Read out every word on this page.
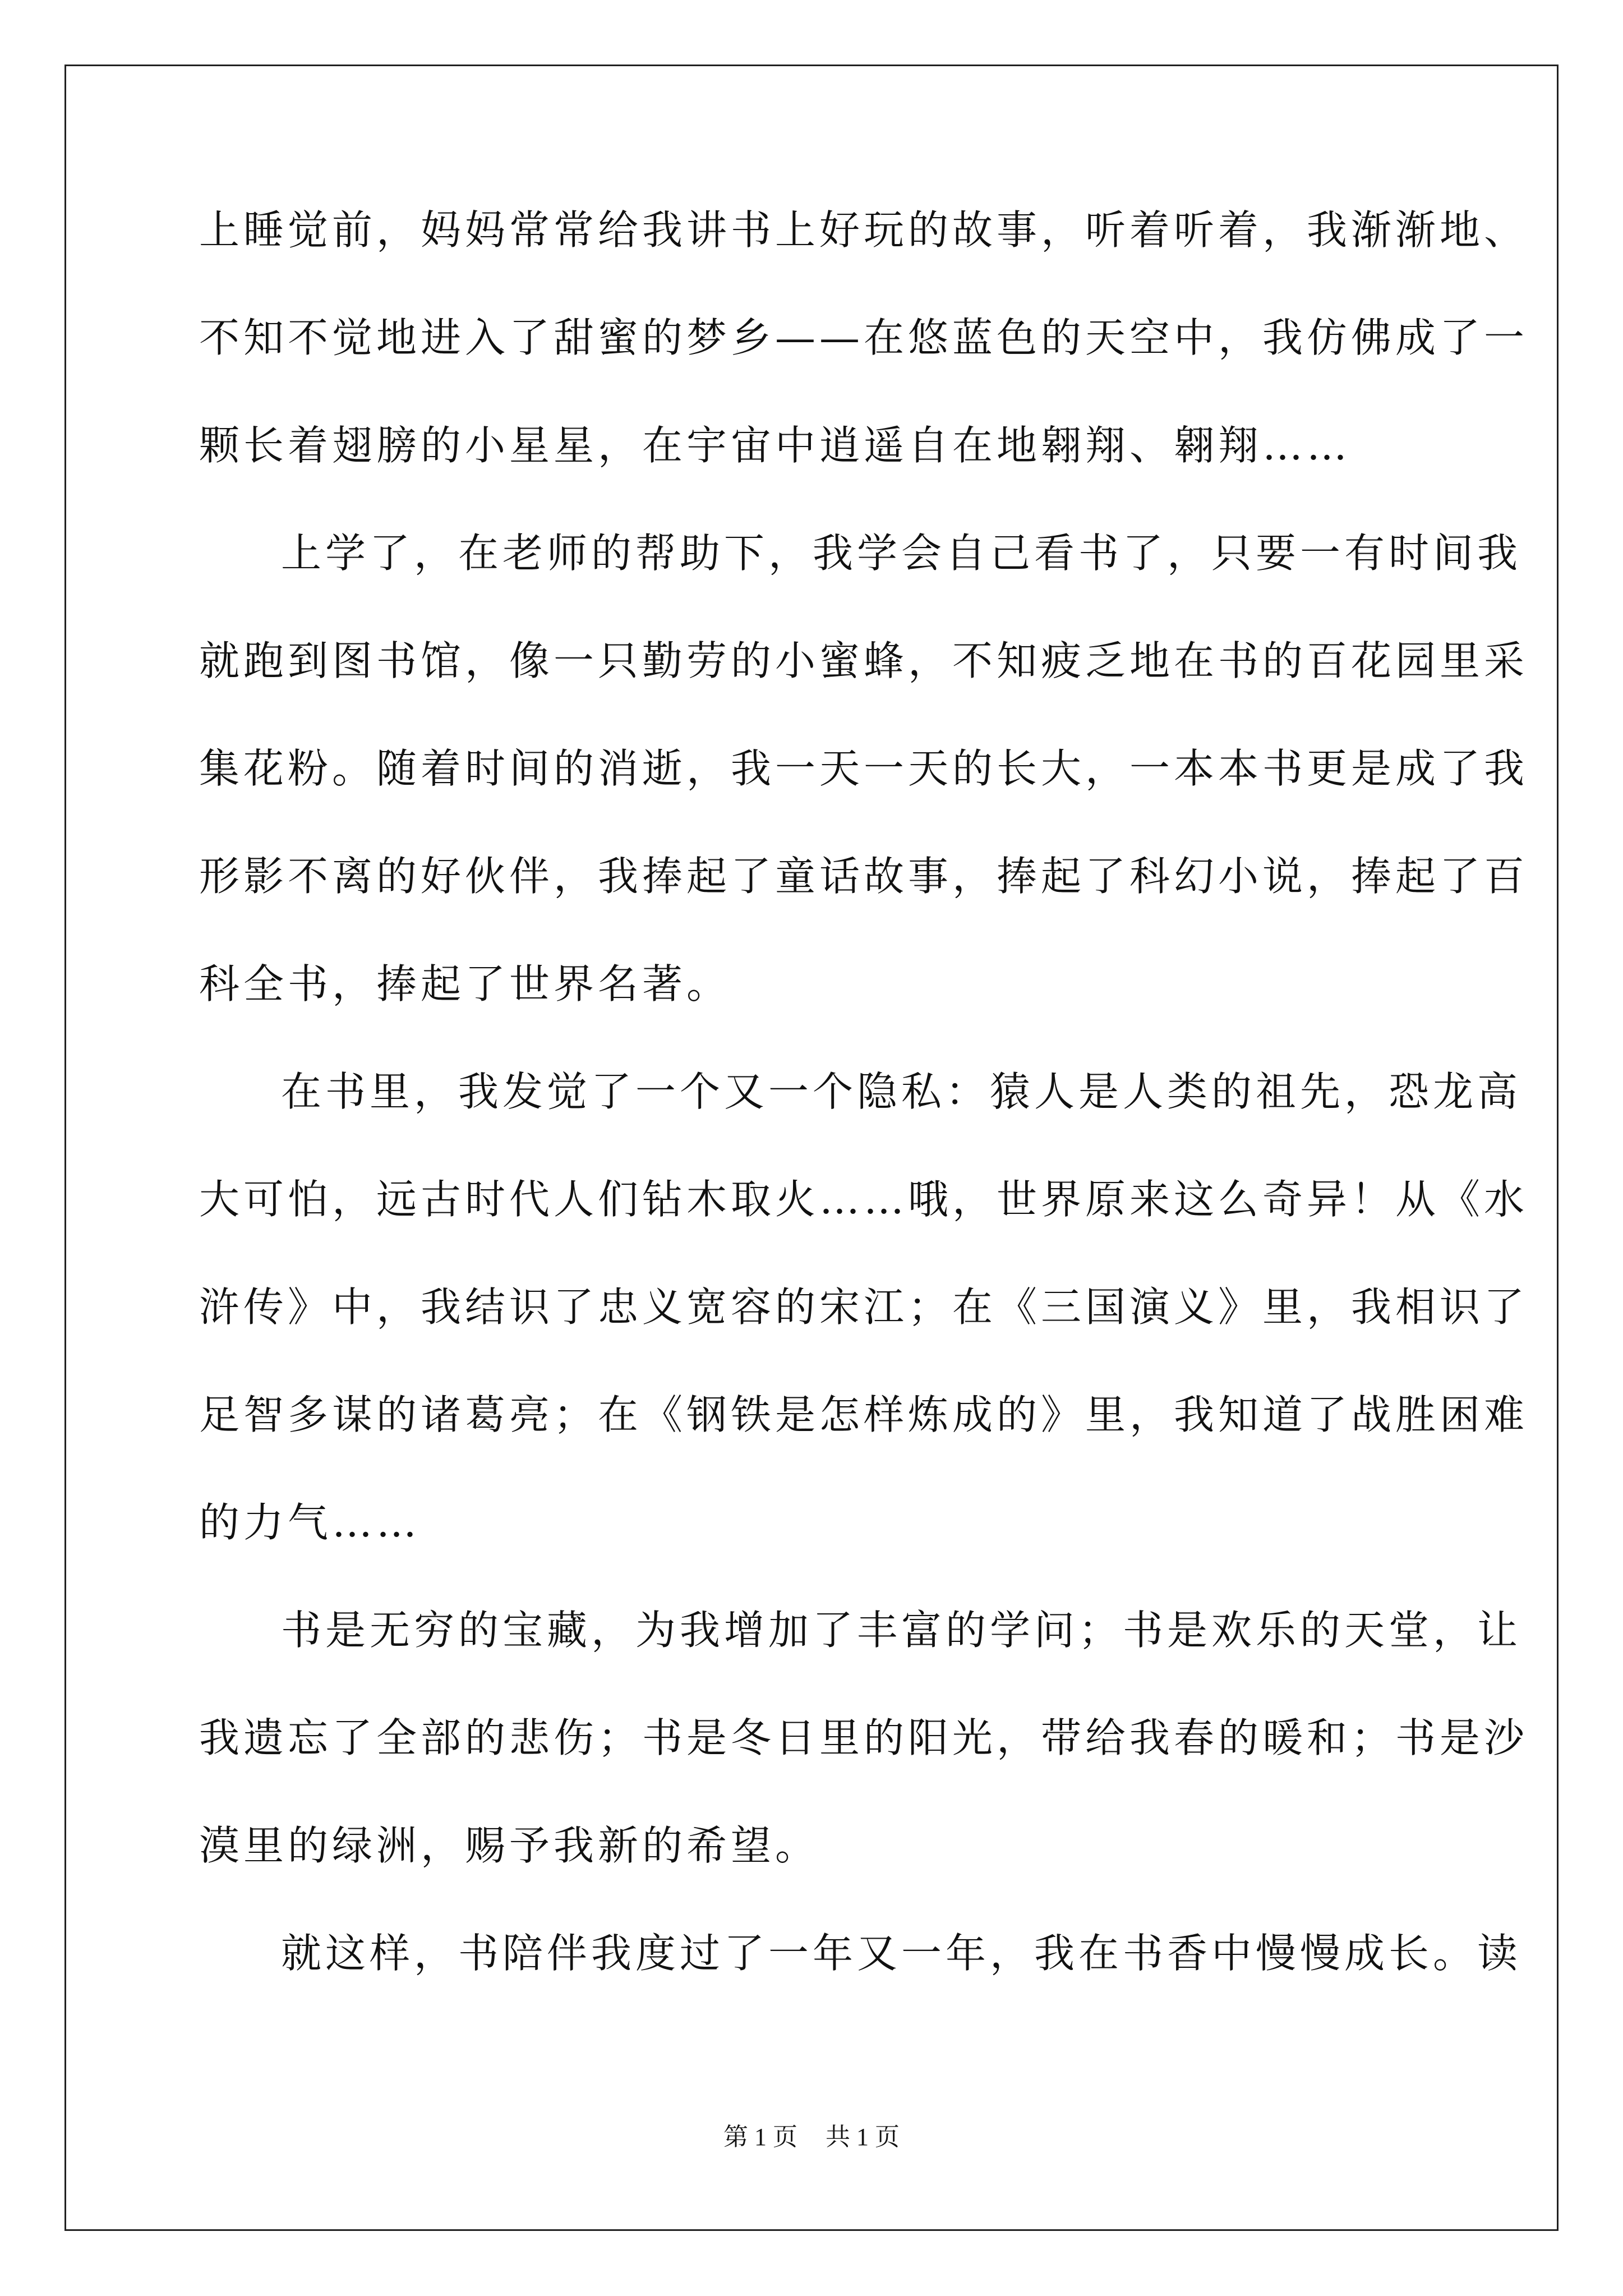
上睡觉前，妈妈常常给我讲书上好玩的故事，听着听着，我渐渐地、
不知不觉地进入了甜蜜的梦乡——在悠蓝色的天空中，我仿佛成了一
颗长着翅膀的小星星，在宇宙中逍遥自在地翱翔、翱翔……
上学了，在老师的帮助下，我学会自己看书了，只要一有时间我
就跑到图书馆，像一只勤劳的小蜜蜂，不知疲乏地在书的百花园里采
集花粉。随着时间的消逝，我一天一天的长大，一本本书更是成了我
形影不离的好伙伴，我捧起了童话故事，捧起了科幻小说，捧起了百
科全书，捧起了世界名著。
在书里，我发觉了一个又一个隐私：猿人是人类的祖先，恐龙高
大可怕，远古时代人们钻木取火……哦，世界原来这么奇异！从《水
浒传》中，我结识了忠义宽容的宋江；在《三国演义》里，我相识了
足智多谋的诸葛亮；在《钢铁是怎样炼成的》里，我知道了战胜困难
的力气……
书是无穷的宝藏，为我增加了丰富的学问；书是欢乐的天堂，让
我遗忘了全部的悲伤；书是冬日里的阳光，带给我春的暖和；书是沙
漠里的绿洲，赐予我新的希望。
就这样，书陪伴我度过了一年又一年，我在书香中慢慢成长。读
第 1 页 共 1 页
